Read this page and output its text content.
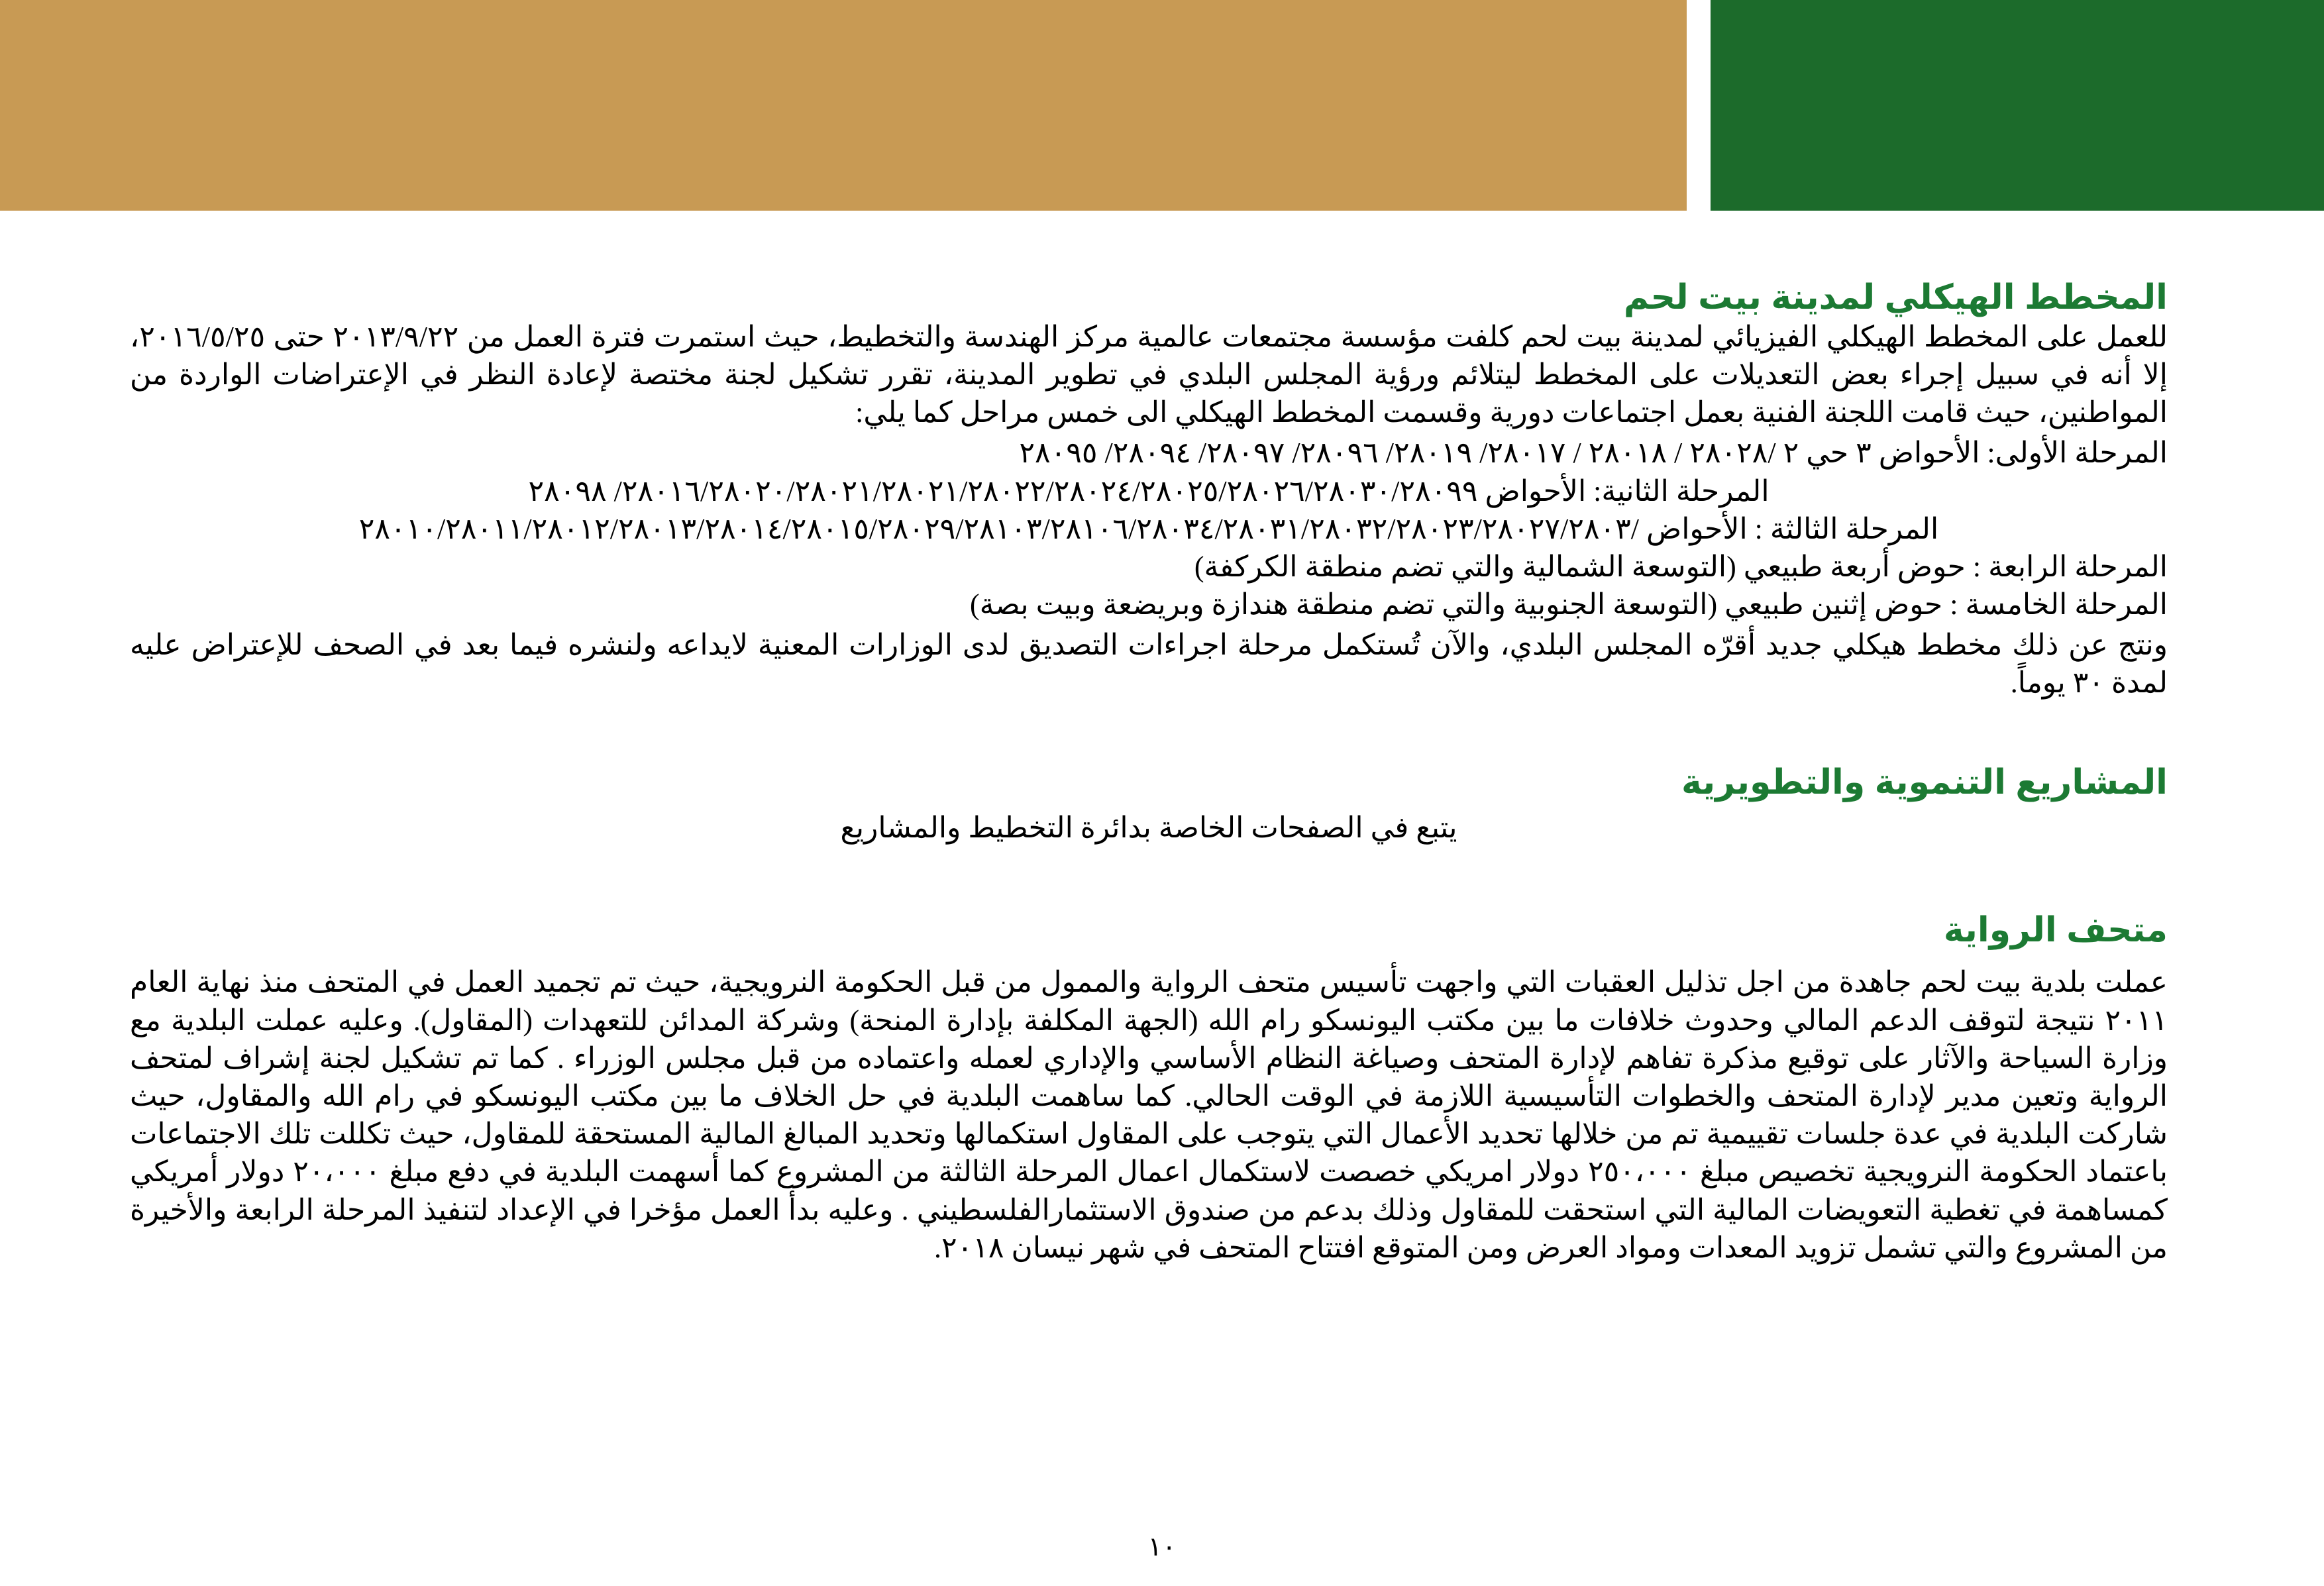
المخطط الهيكلي لمدينة بيت لحم

للعمل على المخطط الهيكلي الفيزيائي لمدينة بيت لحم كلفت مؤسسة مجتمعات عالمية مركز الهندسة والتخطيط، حيث استمرت فترة العمل من ٢٠١٣/٩/٢٢ حتى ٢٠١٦/٥/٢٥، إلا أنه في سبيل إجراء بعض التعديلات على المخطط ليتلائم ورؤية المجلس البلدي في تطوير المدينة، تقرر تشكيل لجنة مختصة لإعادة النظر في الإعتراضات الواردة من المواطنين، حيث قامت اللجنة الفنية بعمل اجتماعات دورية وقسمت المخطط الهيكلي الى خمس مراحل كما يلي:

المرحلة الأولى: الأحواض ٣ حي ٢ /٢٨٠٢٨ / ٢٨٠١٨ / ٢٨٠١٧/ ٢٨٠١٩/ ٢٨٠٩٦/ ٢٨٠٩٧/ ٢٨٠٩٤/ ٢٨٠٩٥
المرحلة الثانية: الأحواض ٢٨٠١٦/٢٨٠٢٠/٢٨٠٢١/٢٨٠٢١/٢٨٠٢٢/٢٨٠٢٤/٢٨٠٢٥/٢٨٠٢٦/٢٨٠٣٠/٢٨٠٩٩/ ٢٨٠٩٨
المرحلة الثالثة : الأحواض /٢٨٠١٠/٢٨٠١١/٢٨٠١٢/٢٨٠١٣/٢٨٠١٤/٢٨٠١٥/٢٨٠٢٩/٢٨١٠٣/٢٨١٠٦/٢٨٠٣٤/٢٨٠٣١/٢٨٠٣٢/٢٨٠٢٣/٢٨٠٢٧/٢٨٠٣
المرحلة الرابعة : حوض أربعة طبيعي (التوسعة الشمالية والتي تضم منطقة الكركفة)
المرحلة الخامسة : حوض إثنين طبيعي (التوسعة الجنوبية والتي تضم منطقة هندازة وبريضعة وبيت بصة)

ونتج عن ذلك مخطط هيكلي جديد أقرّه المجلس البلدي، والآن تُستكمل مرحلة اجراءات التصديق لدى الوزارات المعنية لايداعه ولنشره فيما بعد في الصحف للإعتراض عليه لمدة ٣٠ يوماً.

المشاريع التنموية والتطويرية

يتبع في الصفحات الخاصة بدائرة التخطيط والمشاريع

متحف الرواية

عملت بلدية بيت لحم جاهدة من اجل تذليل العقبات التي واجهت تأسيس متحف الرواية والممول من قبل الحكومة النرويجية، حيث تم تجميد العمل في المتحف منذ نهاية العام ٢٠١١ نتيجة لتوقف الدعم المالي وحدوث خلافات ما بين مكتب اليونسكو رام الله (الجهة المكلفة بإدارة المنحة) وشركة المدائن للتعهدات (المقاول). وعليه عملت البلدية مع وزارة السياحة والآثار على توقيع مذكرة تفاهم لإدارة المتحف وصياغة النظام الأساسي والإداري لعمله واعتماده من قبل مجلس الوزراء . كما تم تشكيل لجنة إشراف لمتحف الرواية وتعين مدير لإدارة المتحف والخطوات التأسيسية اللازمة في الوقت الحالي. كما ساهمت البلدية في حل الخلاف ما بين مكتب اليونسكو في رام الله والمقاول، حيث شاركت البلدية في عدة جلسات تقييمية تم من خلالها تحديد الأعمال التي يتوجب على المقاول استكمالها وتحديد المبالغ المالية المستحقة للمقاول، حيث تكللت تلك الاجتماعات باعتماد الحكومة النرويجية تخصيص مبلغ ٢٥٠،٠٠٠ دولار امريكي خصصت لاستكمال اعمال المرحلة الثالثة من المشروع كما أسهمت البلدية في دفع مبلغ ٢٠،٠٠٠ دولار أمريكي كمساهمة في تغطية التعويضات المالية التي استحقت للمقاول وذلك بدعم من صندوق الاستثمارالفلسطيني . وعليه بدأ العمل مؤخرا في الإعداد لتنفيذ المرحلة الرابعة والأخيرة من المشروع والتي تشمل تزويد المعدات ومواد العرض ومن المتوقع افتتاح المتحف في شهر نيسان ٢٠١٨.

١٠
